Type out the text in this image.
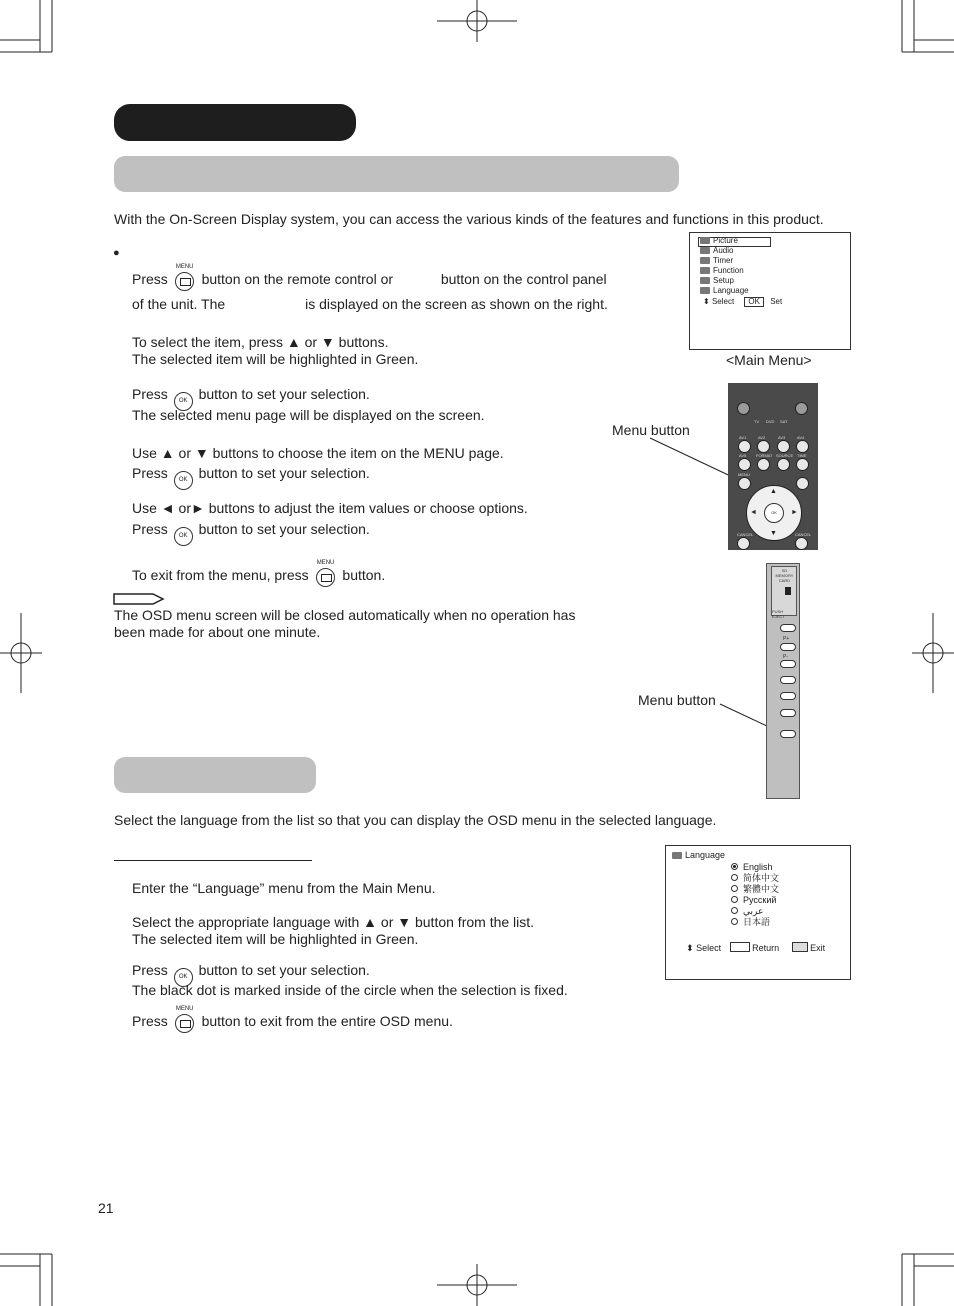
With the On-Screen Display system, you can access the various kinds of the features and functions in this product.
●
Press
MENU
button on the remote control or	button on the control panel
of the unit. The	is displayed on the screen as shown on the right.
To select the item, press ▲ or ▼ buttons.
The selected item will be highlighted in Green.
Press OK button to set your selection.
The selected menu page will be displayed on the screen.
Use ▲ or ▼ buttons to choose the item on the MENU page.
Press OK button to set your selection.
Use ◄ or► buttons to adjust the item values or choose options.
Press OK button to set your selection.
To exit from the menu, press
MENU
button.
The OSD menu screen will be closed automatically when no operation has
been made for about one minute.
Picture
Audio
Timer
Function
Setup
Language
⬍ Select OK Set
<Main Menu>
Menu button
TV DVD SAT
AV1	AV2	AV3	AV4
AV5 FORMAT SOURCE TIME
MENU
OK
▲
▼
◄	►
CANCEL	CANCEL
SD MEMORY CARD
PUSH EJECT
P+
P-
Menu button
Select the language from the list so that you can display the OSD menu in the selected language.
Enter the “Language” menu from the Main Menu.
Select the appropriate language with ▲ or ▼ button from the list.
The selected item will be highlighted in Green.
Press OK button to set your selection.
The black dot is marked inside of the circle when the selection is fixed.
Press
MENU
button to exit from the entire OSD menu.
Language
English
简体中文
繁體中文
Русский
عربي
日本語
⬍ Select	Return	Exit
21
